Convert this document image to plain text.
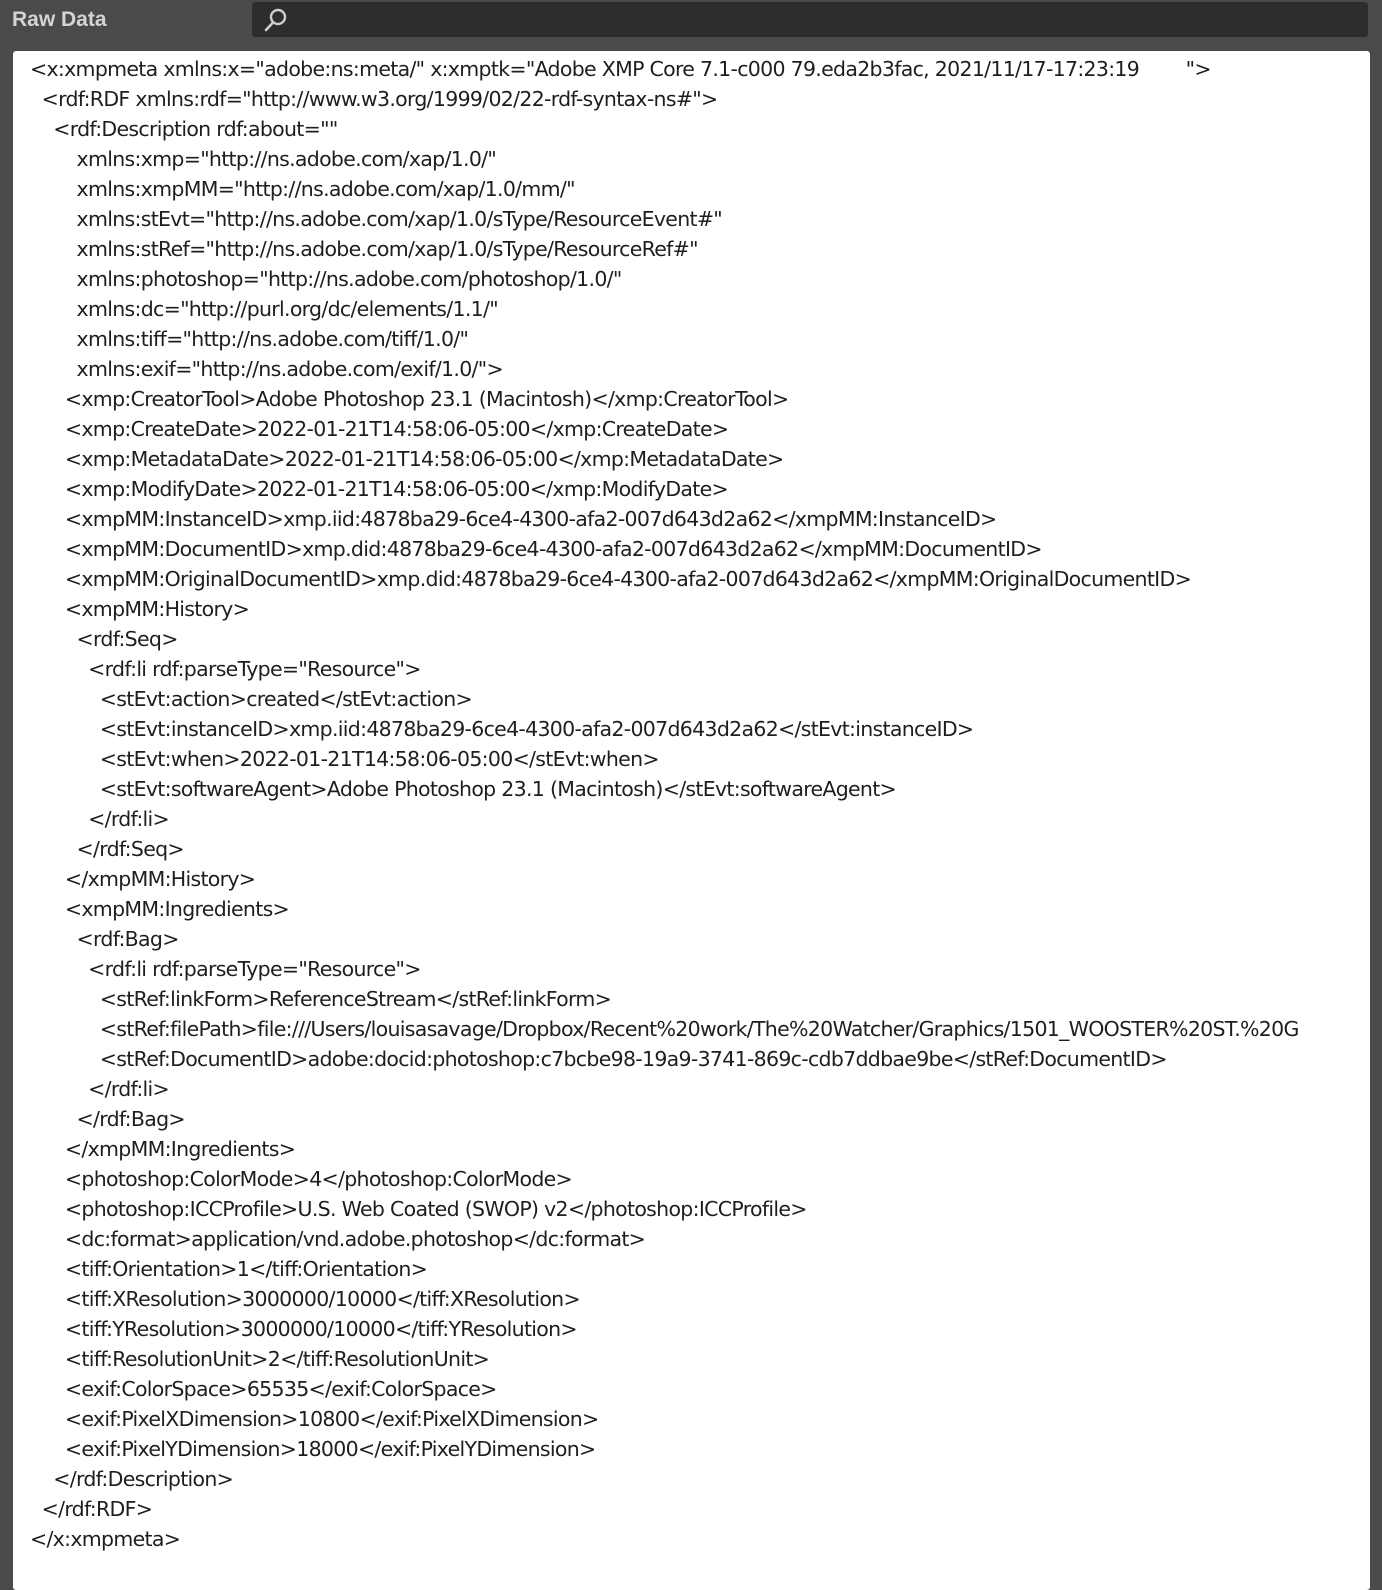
Raw Data
<x:xmpmeta xmlns:x="adobe:ns:meta/" x:xmptk="Adobe XMP Core 7.1-c000 79.eda2b3fac, 2021/11/17-17:23:19        ">
<rdf:RDF xmlns:rdf="http://www.w3.org/1999/02/22-rdf-syntax-ns#">
<rdf:Description rdf:about=""
xmlns:xmp="http://ns.adobe.com/xap/1.0/"
xmlns:xmpMM="http://ns.adobe.com/xap/1.0/mm/"
xmlns:stEvt="http://ns.adobe.com/xap/1.0/sType/ResourceEvent#"
xmlns:stRef="http://ns.adobe.com/xap/1.0/sType/ResourceRef#"
xmlns:photoshop="http://ns.adobe.com/photoshop/1.0/"
xmlns:dc="http://purl.org/dc/elements/1.1/"
xmlns:tiff="http://ns.adobe.com/tiff/1.0/"
xmlns:exif="http://ns.adobe.com/exif/1.0/">
<xmp:CreatorTool>Adobe Photoshop 23.1 (Macintosh)</xmp:CreatorTool>
<xmp:CreateDate>2022-01-21T14:58:06-05:00</xmp:CreateDate>
<xmp:MetadataDate>2022-01-21T14:58:06-05:00</xmp:MetadataDate>
<xmp:ModifyDate>2022-01-21T14:58:06-05:00</xmp:ModifyDate>
<xmpMM:InstanceID>xmp.iid:4878ba29-6ce4-4300-afa2-007d643d2a62</xmpMM:InstanceID>
<xmpMM:DocumentID>xmp.did:4878ba29-6ce4-4300-afa2-007d643d2a62</xmpMM:DocumentID>
<xmpMM:OriginalDocumentID>xmp.did:4878ba29-6ce4-4300-afa2-007d643d2a62</xmpMM:OriginalDocumentID>
<xmpMM:History>
<rdf:Seq>
<rdf:li rdf:parseType="Resource">
<stEvt:action>created</stEvt:action>
<stEvt:instanceID>xmp.iid:4878ba29-6ce4-4300-afa2-007d643d2a62</stEvt:instanceID>
<stEvt:when>2022-01-21T14:58:06-05:00</stEvt:when>
<stEvt:softwareAgent>Adobe Photoshop 23.1 (Macintosh)</stEvt:softwareAgent>
</rdf:li>
</rdf:Seq>
</xmpMM:History>
<xmpMM:Ingredients>
<rdf:Bag>
<rdf:li rdf:parseType="Resource">
<stRef:linkForm>ReferenceStream</stRef:linkForm>
<stRef:filePath>file:///Users/louisasavage/Dropbox/Recent%20work/The%20Watcher/Graphics/1501_WOOSTER%20ST.%20G
<stRef:DocumentID>adobe:docid:photoshop:c7bcbe98-19a9-3741-869c-cdb7ddbae9be</stRef:DocumentID>
</rdf:li>
</rdf:Bag>
</xmpMM:Ingredients>
<photoshop:ColorMode>4</photoshop:ColorMode>
<photoshop:ICCProfile>U.S. Web Coated (SWOP) v2</photoshop:ICCProfile>
<dc:format>application/vnd.adobe.photoshop</dc:format>
<tiff:Orientation>1</tiff:Orientation>
<tiff:XResolution>3000000/10000</tiff:XResolution>
<tiff:YResolution>3000000/10000</tiff:YResolution>
<tiff:ResolutionUnit>2</tiff:ResolutionUnit>
<exif:ColorSpace>65535</exif:ColorSpace>
<exif:PixelXDimension>10800</exif:PixelXDimension>
<exif:PixelYDimension>18000</exif:PixelYDimension>
</rdf:Description>
</rdf:RDF>
</x:xmpmeta>
